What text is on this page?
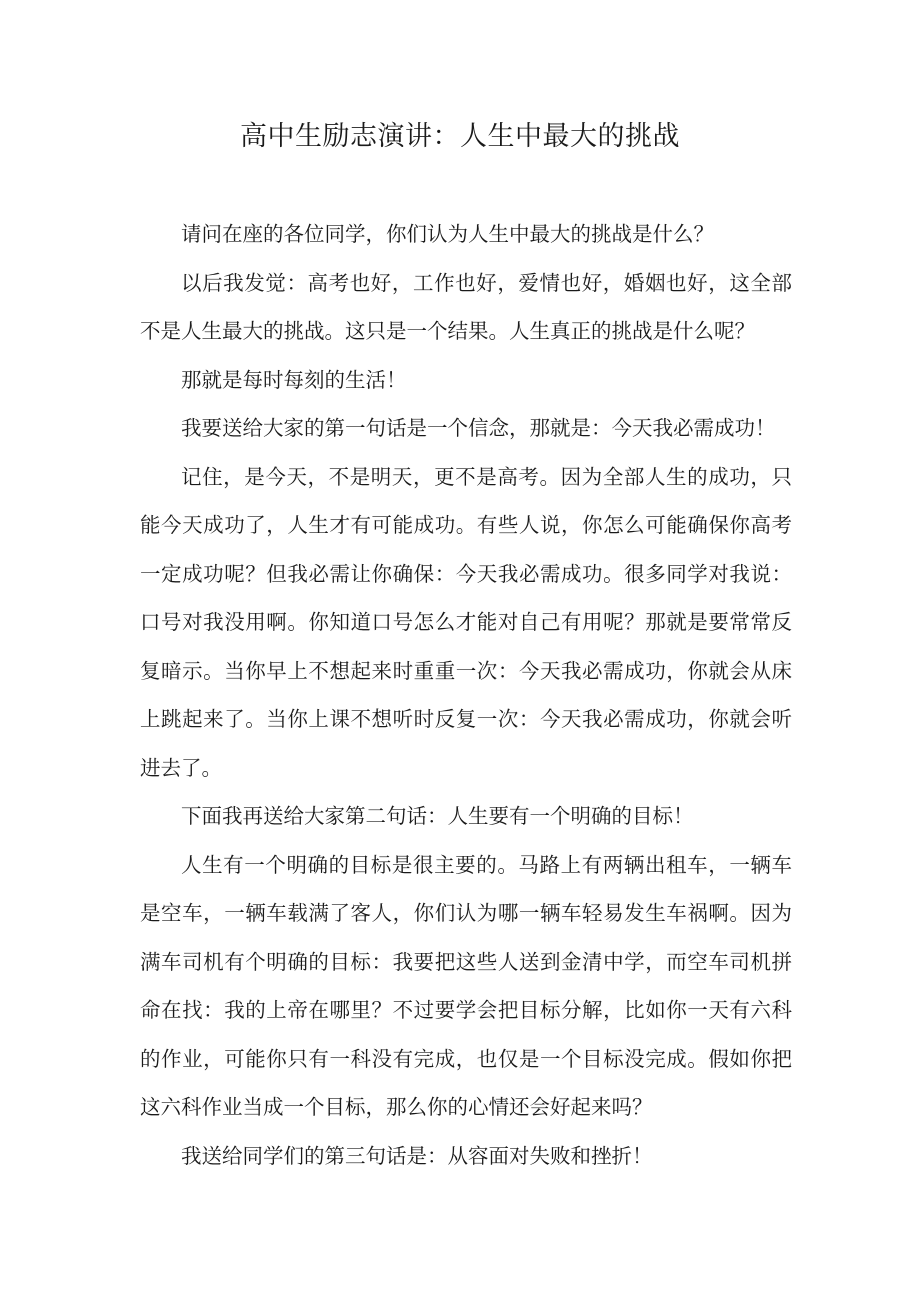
高中生励志演讲：人生中最大的挑战

请问在座的各位同学，你们认为人生中最大的挑战是什么？

以后我发觉：高考也好，工作也好，爱情也好，婚姻也好，这全部不是人生最大的挑战。这只是一个结果。人生真正的挑战是什么呢？

那就是每时每刻的生活！

我要送给大家的第一句话是一个信念，那就是：今天我必需成功！

记住，是今天，不是明天，更不是高考。因为全部人生的成功，只能今天成功了，人生才有可能成功。有些人说，你怎么可能确保你高考一定成功呢？但我必需让你确保：今天我必需成功。很多同学对我说：口号对我没用啊。你知道口号怎么才能对自己有用呢？那就是要常常反复暗示。当你早上不想起来时重重一次：今天我必需成功，你就会从床上跳起来了。当你上课不想听时反复一次：今天我必需成功，你就会听进去了。

下面我再送给大家第二句话：人生要有一个明确的目标！

人生有一个明确的目标是很主要的。马路上有两辆出租车，一辆车是空车，一辆车载满了客人，你们认为哪一辆车轻易发生车祸啊。因为满车司机有个明确的目标：我要把这些人送到金清中学，而空车司机拼命在找：我的上帝在哪里？不过要学会把目标分解，比如你一天有六科的作业，可能你只有一科没有完成，也仅是一个目标没完成。假如你把这六科作业当成一个目标，那么你的心情还会好起来吗？

我送给同学们的第三句话是：从容面对失败和挫折！
